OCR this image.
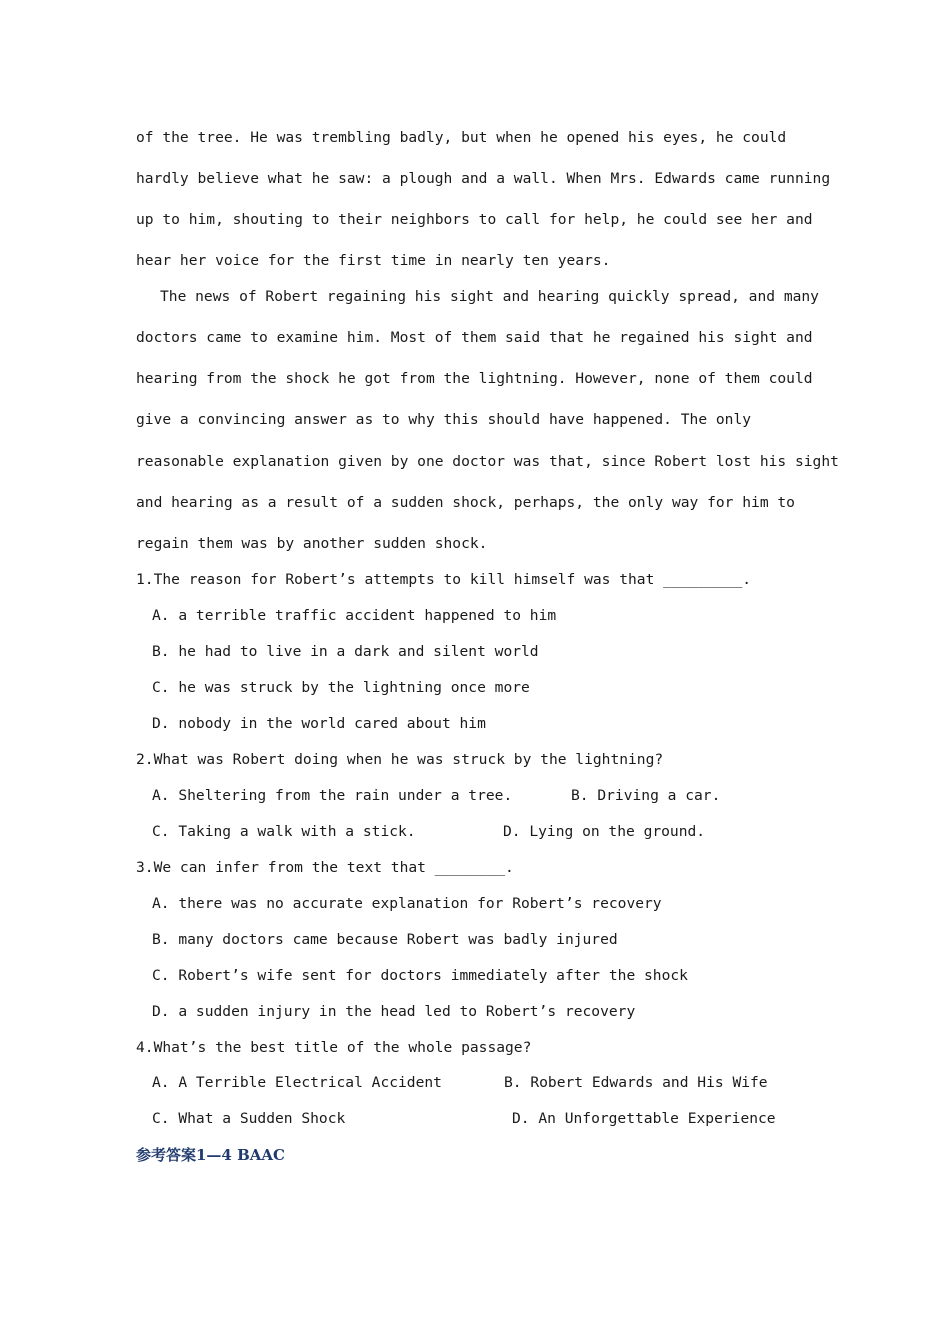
of the tree. He was trembling badly, but when he opened his eyes, he could
hardly believe what he saw: a plough and a wall. When Mrs. Edwards came running
up to him, shouting to their neighbors to call for help, he could see her and
hear her voice for the first time in nearly ten years.
The news of Robert regaining his sight and hearing quickly spread, and many
doctors came to examine him. Most of them said that he regained his sight and
hearing from the shock he got from the lightning. However, none of them could
give a convincing answer as to why this should have happened. The only
reasonable explanation given by one doctor was that, since Robert lost his sight
and hearing as a result of a sudden shock, perhaps, the only way for him to
regain them was by another sudden shock.
1.The reason for Robert’s attempts to kill himself was that _________.
A. a terrible traffic accident happened to him
B. he had to live in a dark and silent world
C. he was struck by the lightning once more
D. nobody in the world cared about him
2.What was Robert doing when he was struck by the lightning?
A. Sheltering from the rain under a tree.	B. Driving a car.
C. Taking a walk with a stick.	D. Lying on the ground.
3.We can infer from the text that ________.
A. there was no accurate explanation for Robert’s recovery
B. many doctors came because Robert was badly injured
C. Robert’s wife sent for doctors immediately after the shock
D. a sudden injury in the head led to Robert’s recovery
4.What’s the best title of the whole passage?
A. A Terrible Electrical Accident	B. Robert Edwards and His Wife
C. What a Sudden Shock	D. An Unforgettable Experience
参考答案1—4 BAAC
